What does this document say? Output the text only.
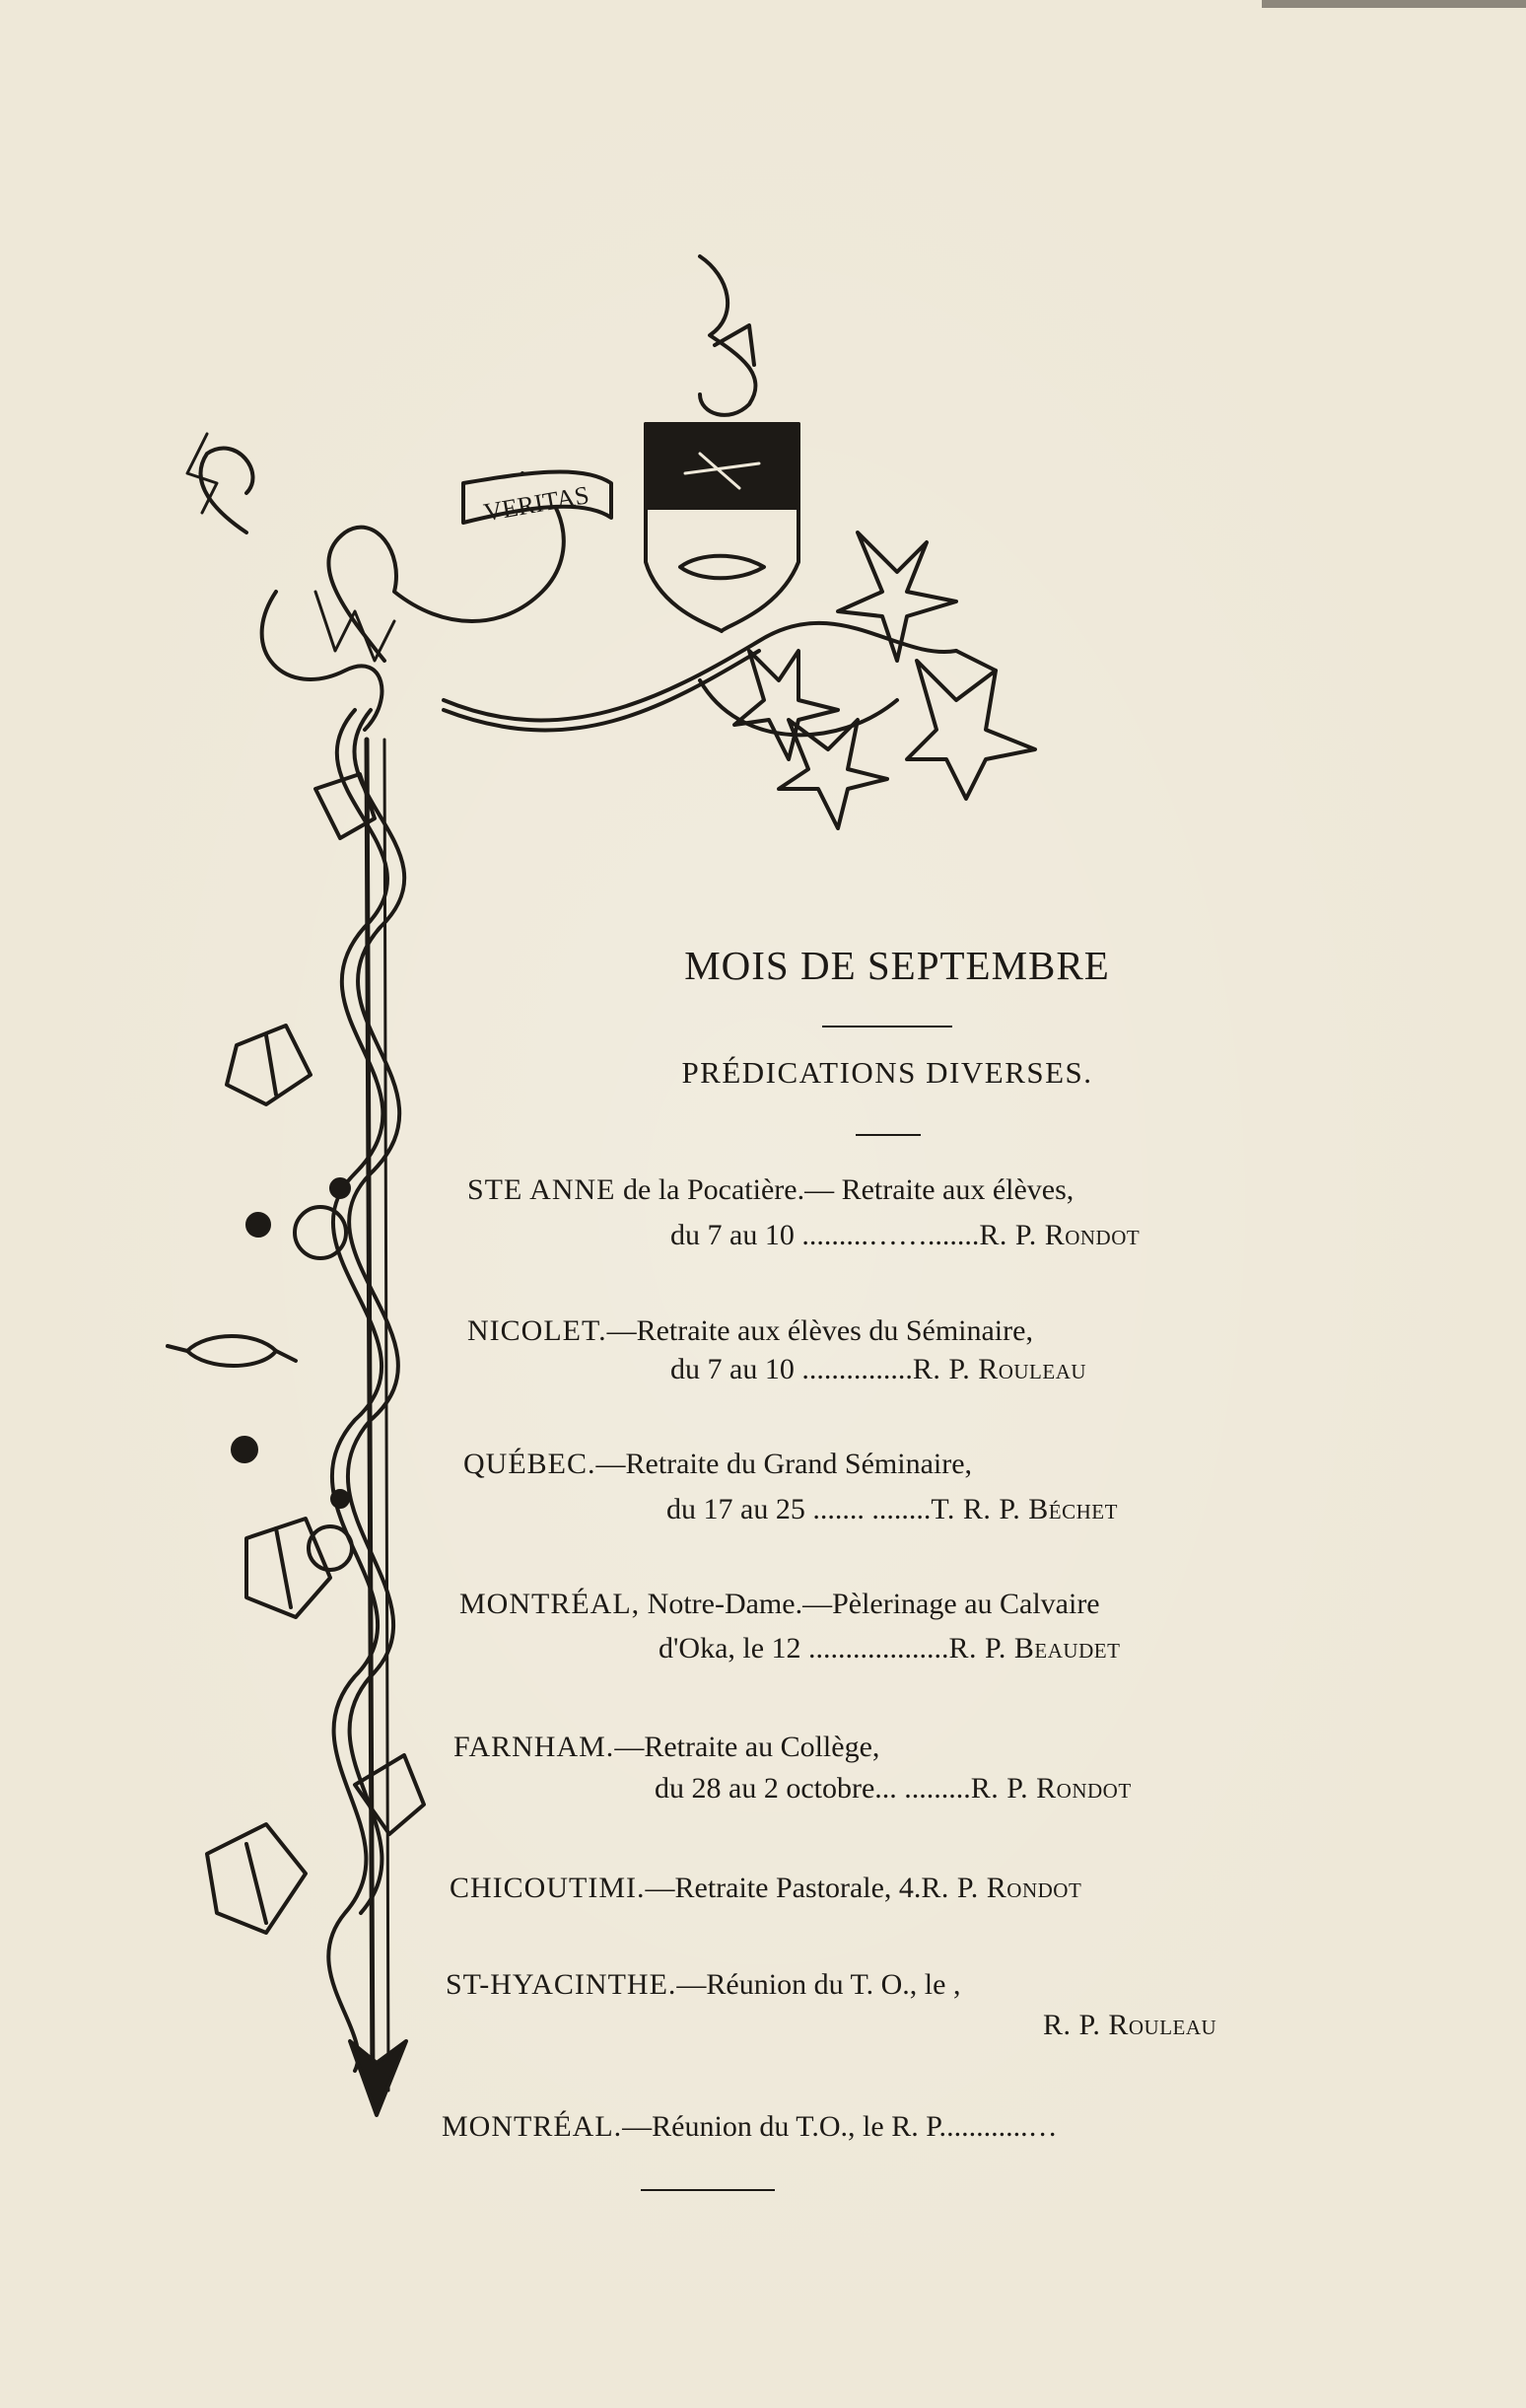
VERITAS
MOIS DE SEPTEMBRE
PRÉDICATIONS DIVERSES.

STE ANNE de la Pocatière.— Retraite aux élèves,

du 7 au 10 .........…….......R. P. Rondot

NICOLET.—Retraite aux élèves du Séminaire,

du 7 au 10 ...............R. P. Rouleau

QUÉBEC.—Retraite du Grand Séminaire,

du 17 au 25 ....... ........T. R. P. Béchet

MONTRÉAL, Notre-Dame.—Pèlerinage au Calvaire

d'Oka, le 12 ...................R. P. Beaudet

FARNHAM.—Retraite au Collège,

du 28 au 2 octobre... .........R. P. Rondot

CHICOUTIMI.—Retraite Pastorale, 4.R. P. Rondot

ST-HYACINTHE.—Réunion du T. O., le ,

R. P. Rouleau

MONTRÉAL.—Réunion du T.O., le R. P............…
